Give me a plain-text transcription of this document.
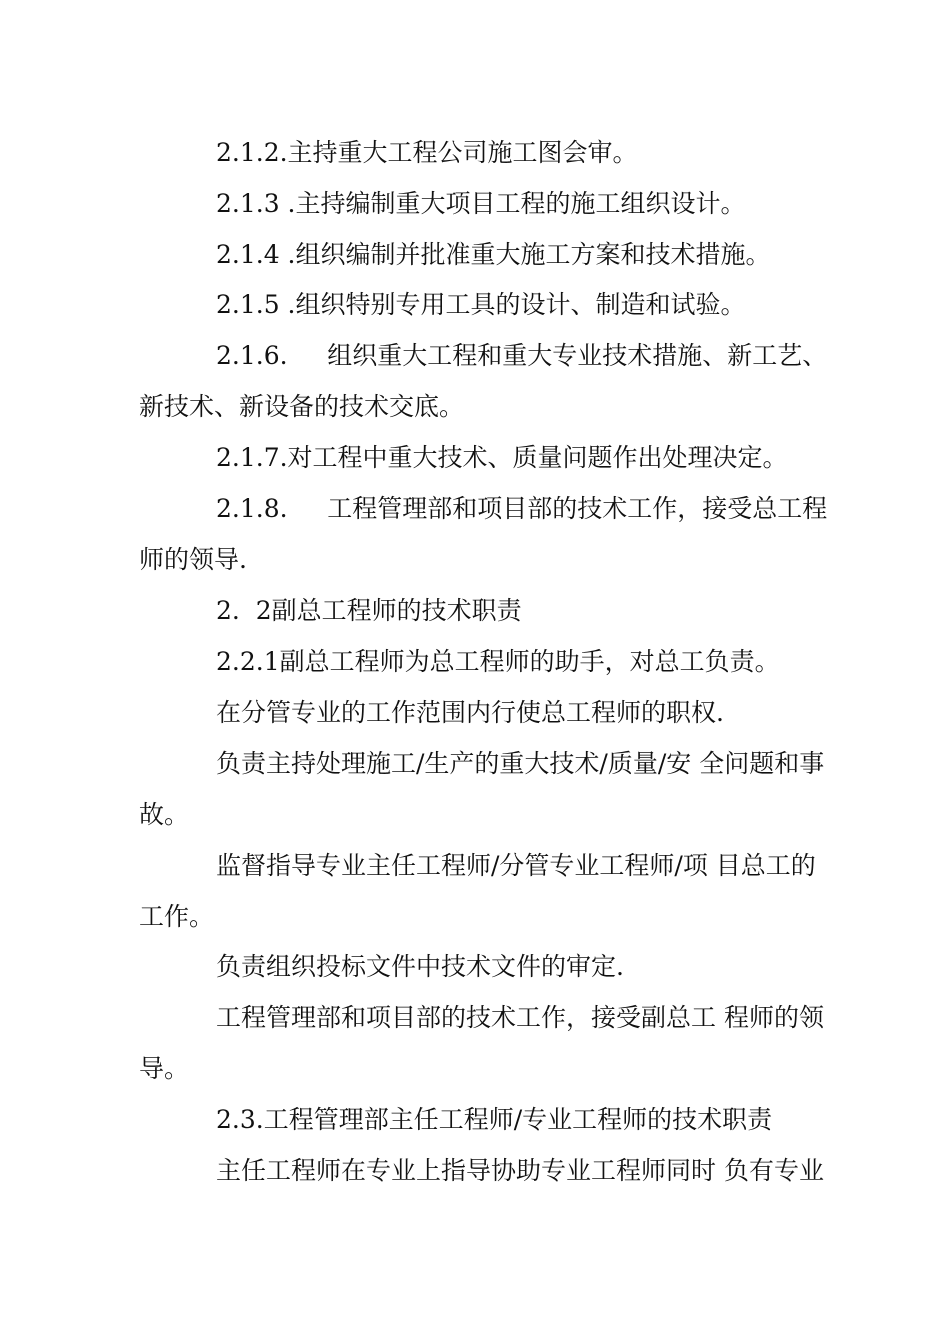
2.1.2.主持重大工程公司施工图会审。
2.1.3 .主持编制重大项目工程的施工组织设计。
2.1.4 .组织编制并批准重大施工方案和技术措施。
2.1.5 .组织特别专用工具的设计、制造和试验。
2.1.6.     组织重大工程和重大专业技术措施、新工艺、
新技术、新设备的技术交底。
2.1.7.对工程中重大技术、质量问题作出处理决定。
2.1.8.     工程管理部和项目部的技术工作，接受总工程
师的领导.
2.  2副总工程师的技术职责
2.2.1副总工程师为总工程师的助手，对总工负责。
在分管专业的工作范围内行使总工程师的职权.
负责主持处理施工/生产的重大技术/质量/安 全问题和事
故。
监督指导专业主任工程师/分管专业工程师/项 目总工的
工作。
负责组织投标文件中技术文件的审定.
工程管理部和项目部的技术工作，接受副总工 程师的领
导。
2.3.工程管理部主任工程师/专业工程师的技术职责
主任工程师在专业上指导协助专业工程师同时 负有专业
